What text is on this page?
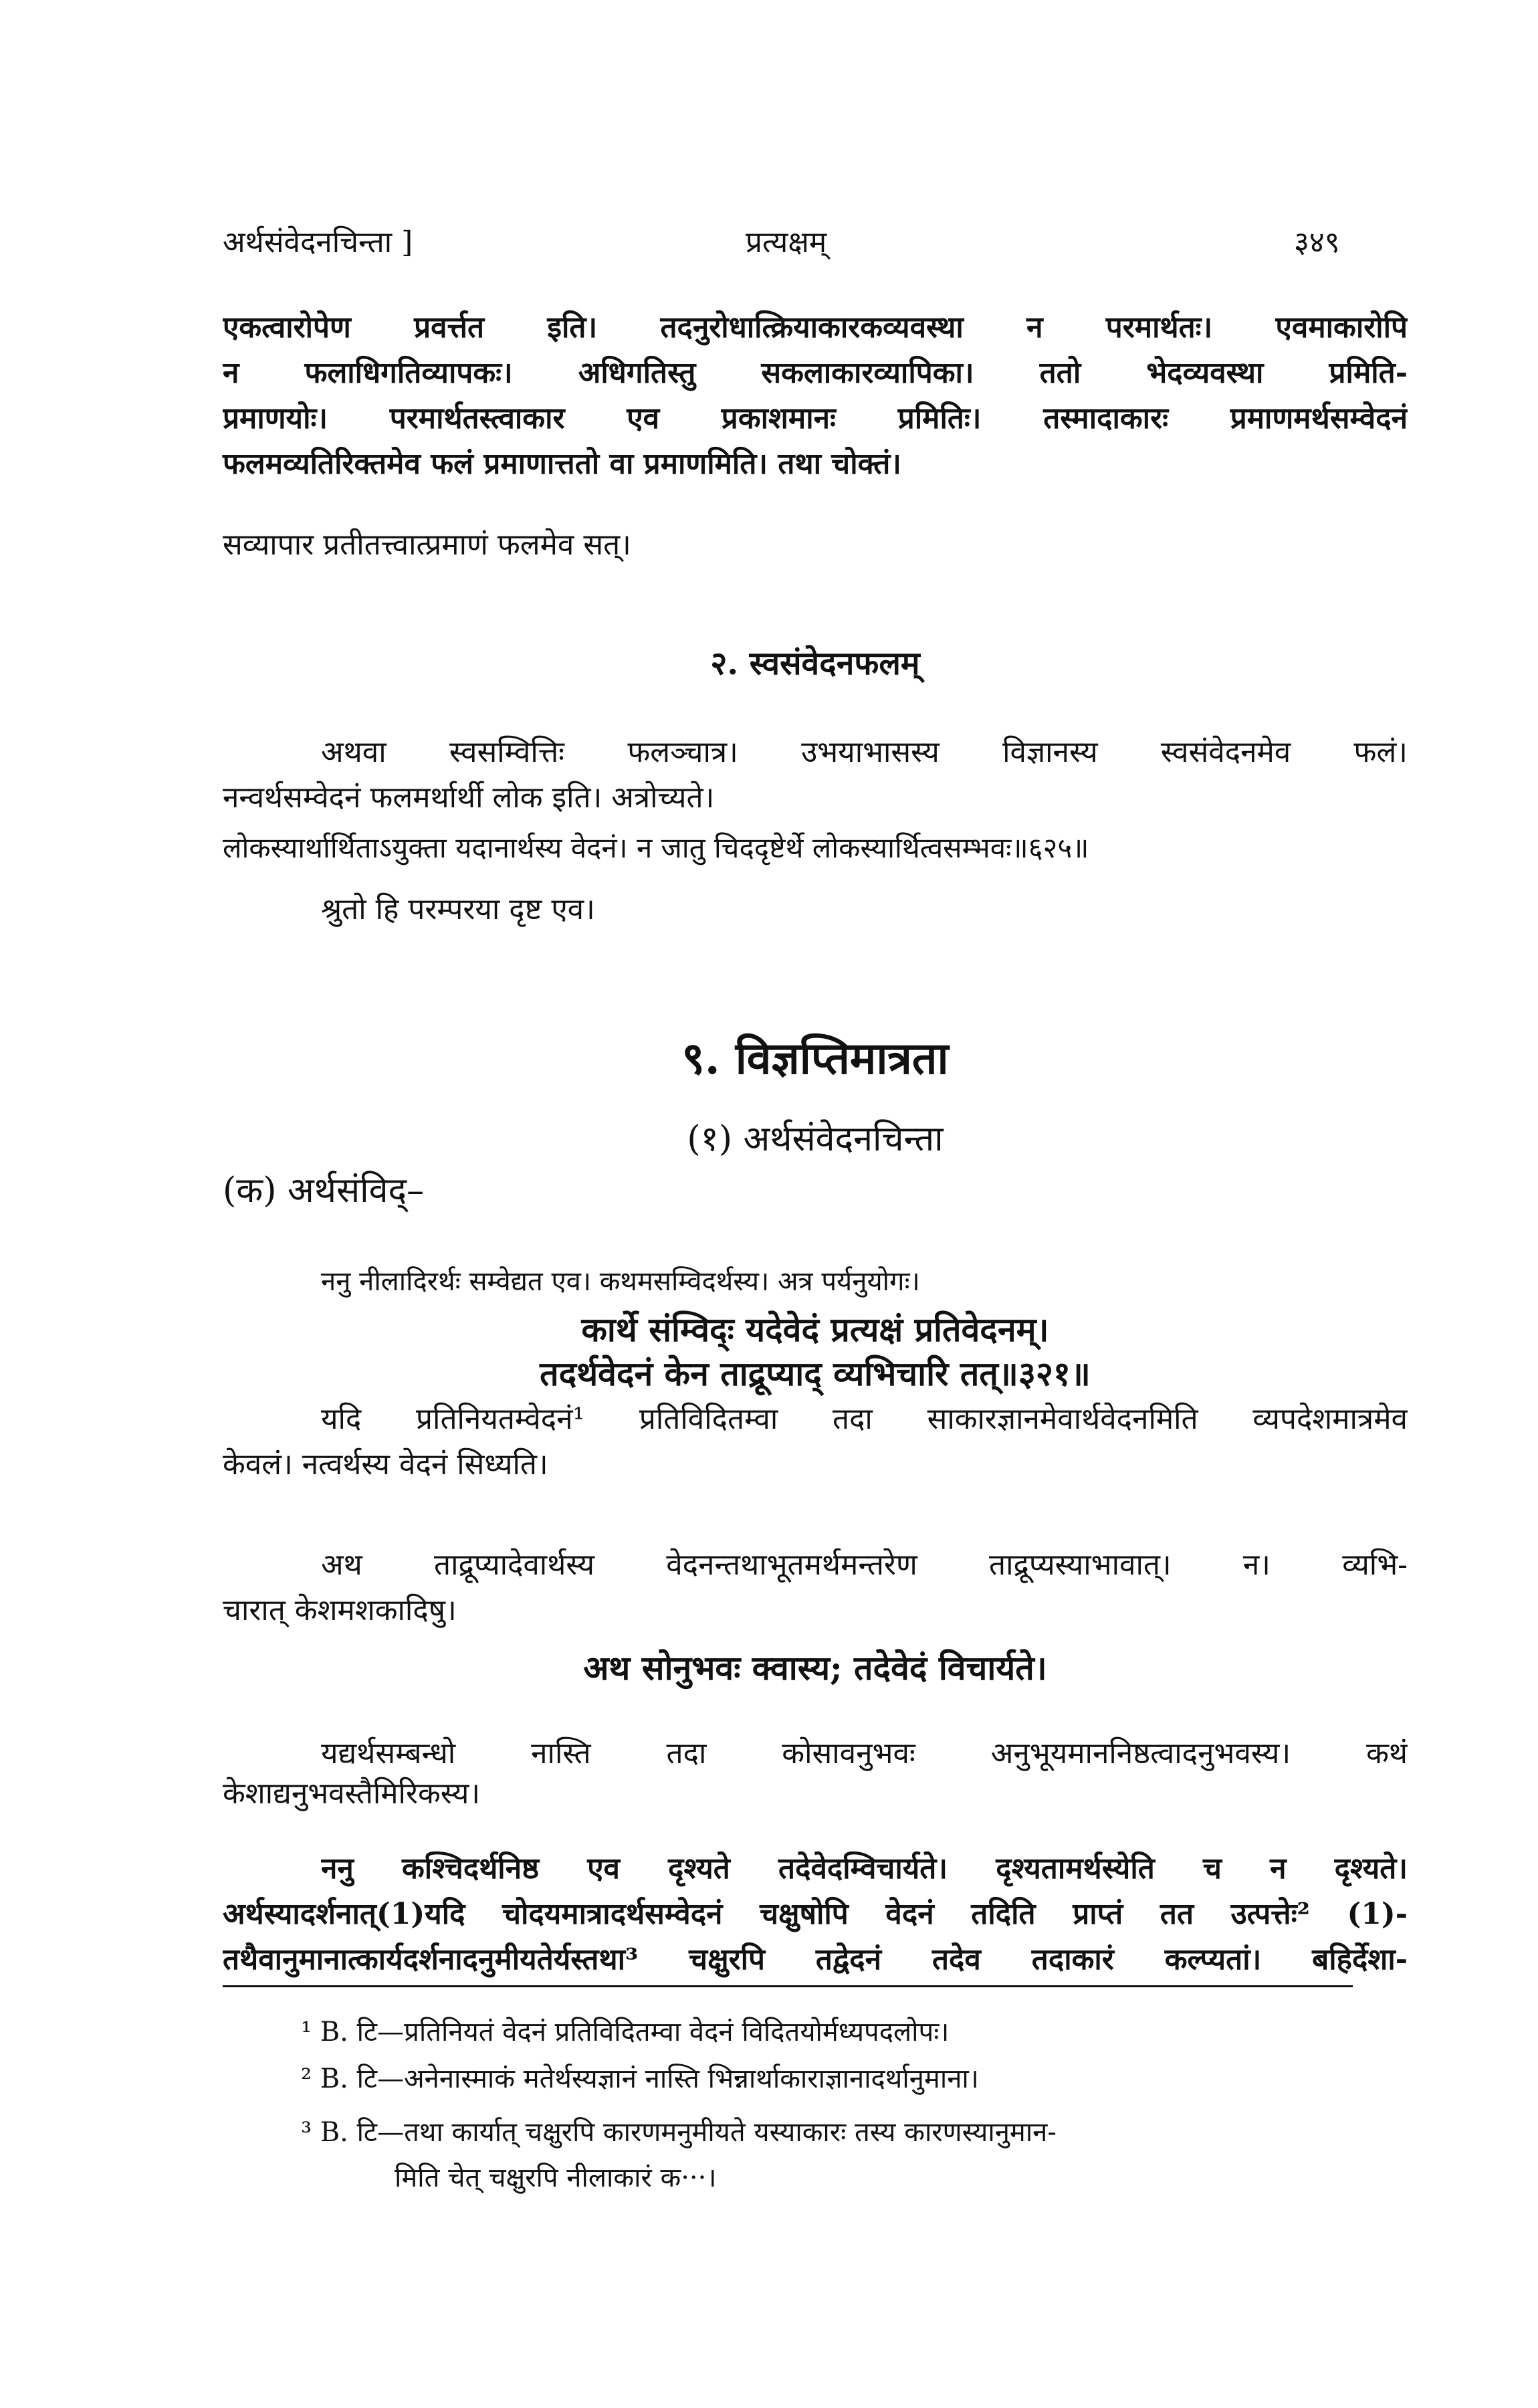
अर्थसंवेदनचिन्ता ]	प्रत्यक्षम्	३४९
एकत्वारोपेण प्रवर्त्तत इति। तदनुरोधात्क्रियाकारकव्यवस्था न परमार्थतः। एवमाकारोपि
न फलाधिगतिव्यापकः। अधिगतिस्तु सकलाकारव्यापिका। ततो भेदव्यवस्था प्रमिति-
प्रमाणयोः। परमार्थतस्त्वाकार एव प्रकाशमानः प्रमितिः। तस्मादाकारः प्रमाणमर्थसम्वेदनं
फलमव्यतिरिक्तमेव फलं प्रमाणात्ततो वा प्रमाणमिति। तथा चोक्तं।
सव्यापार प्रतीतत्त्वात्प्रमाणं फलमेव सत्।
२. स्वसंवेदनफलम्
अथवा स्वसम्वित्तिः फलञ्चात्र। उभयाभासस्य विज्ञानस्य स्वसंवेदनमेव फलं।
नन्वर्थसम्वेदनं फलमर्थार्थी लोक इति। अत्रोच्यते।
लोकस्यार्थार्थिताऽयुक्ता यदानार्थस्य वेदनं। न जातु चिददृष्टेर्थे लोकस्यार्थित्वसम्भवः॥६२५॥
श्रुतो हि परम्परया दृष्ट एव।
९. विज्ञप्तिमात्रता
(१) अर्थसंवेदनचिन्ता
(क) अर्थसंविद्–
ननु नीलादिरर्थः सम्वेद्यत एव। कथमसम्विदर्थस्य। अत्र पर्यनुयोगः।
कार्थे संम्विद्ः यदेवेदं प्रत्यक्षं प्रतिवेदनम्।
तदर्थवेदनं केन ताद्रूप्याद् व्यभिचारि तत्॥३२१॥
यदि प्रतिनियतम्वेदनं¹ प्रतिविदितम्वा तदा साकारज्ञानमेवार्थवेदनमिति व्यपदेशमात्रमेव
केवलं। नत्वर्थस्य वेदनं सिध्यति।
अथ ताद्रूप्यादेवार्थस्य वेदनन्तथाभूतमर्थमन्तरेण ताद्रूप्यस्याभावात्। न। व्यभि-
चारात् केशमशकादिषु।
अथ सोनुभवः क्वास्य; तदेवेदं विचार्यते।
यद्यर्थसम्बन्धो नास्ति तदा कोसावनुभवः अनुभूयमाननिष्ठत्वादनुभवस्य। कथं
केशाद्यनुभवस्तैमिरिकस्य।
ननु कश्चिदर्थनिष्ठ एव दृश्यते तदेवेदम्विचार्यते। दृश्यतामर्थस्येति च न दृश्यते।
अर्थस्यादर्शनात्(1)यदि चोदयमात्रादर्थसम्वेदनं चक्षुषोपि वेदनं तदिति प्राप्तं तत उत्पत्तेः² (1)-
तथैवानुमानात्कार्यदर्शनादनुमीयतेर्यस्तथा³ चक्षुरपि तद्वेदनं तदेव तदाकारं कल्प्यतां। बहिर्देशा-
¹ B. टि—प्रतिनियतं वेदनं प्रतिविदितम्वा वेदनं विदितयोर्मध्यपदलोपः।
² B. टि—अनेनास्माकं मतेर्थस्यज्ञानं नास्ति भिन्नार्थाकाराज्ञानादर्थानुमाना।
³ B. टि—तथा कार्यात् चक्षुरपि कारणमनुमीयते यस्याकारः तस्य कारणस्यानुमान-
मिति चेत् चक्षुरपि नीलाकारं क···।
